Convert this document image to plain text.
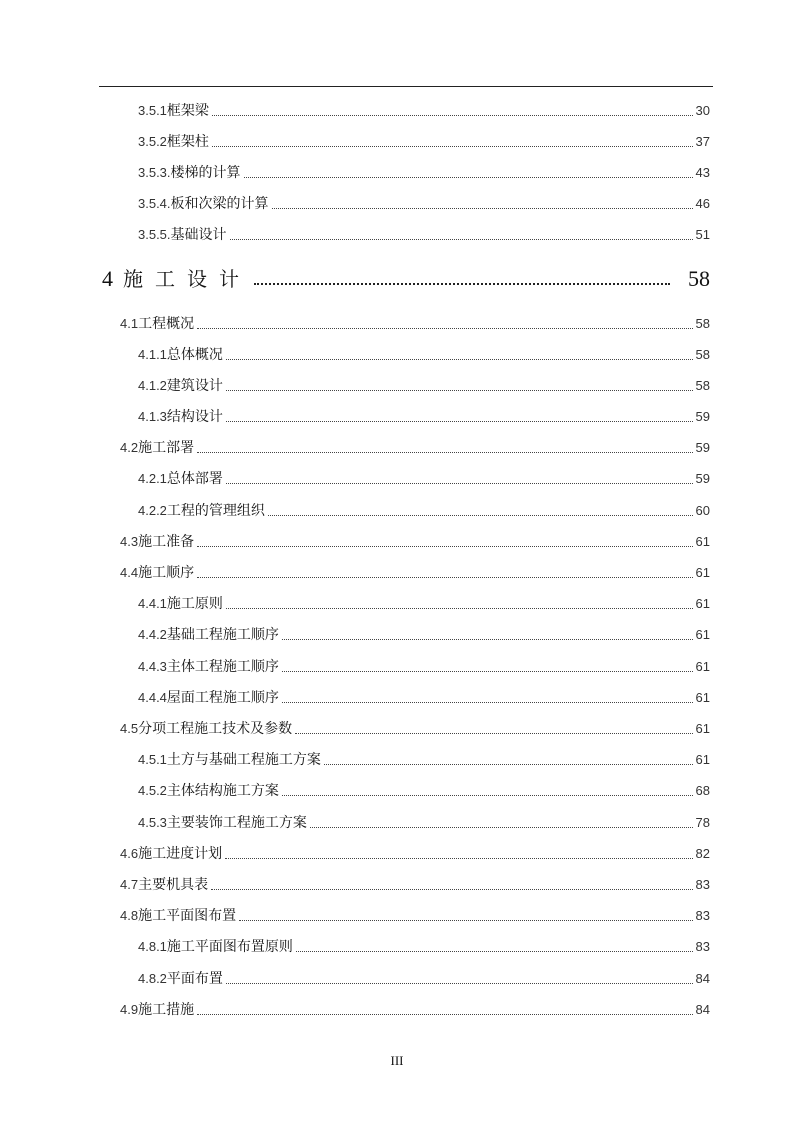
3.5.1 框架梁	30
3.5.2 框架柱	37
3.5.3. 楼梯的计算	43
3.5.4. 板和次梁的计算	46
3.5.5. 基础设计	51
4 施工设计	58
4.1 工程概况	58
4.1.1 总体概况	58
4.1.2 建筑设计	58
4.1.3 结构设计	59
4.2 施工部署	59
4.2.1 总体部署	59
4.2.2 工程的管理组织	60
4.3 施工准备	61
4.4 施工顺序	61
4.4.1 施工原则	61
4.4.2 基础工程施工顺序	61
4.4.3 主体工程施工顺序	61
4.4.4 屋面工程施工顺序	61
4.5 分项工程施工技术及参数	61
4.5.1 土方与基础工程施工方案	61
4.5.2 主体结构施工方案	68
4.5.3 主要装饰工程施工方案	78
4.6 施工进度计划	82
4.7 主要机具表	83
4.8 施工平面图布置	83
4.8.1 施工平面图布置原则	83
4.8.2 平面布置	84
4.9 施工措施	84
III
